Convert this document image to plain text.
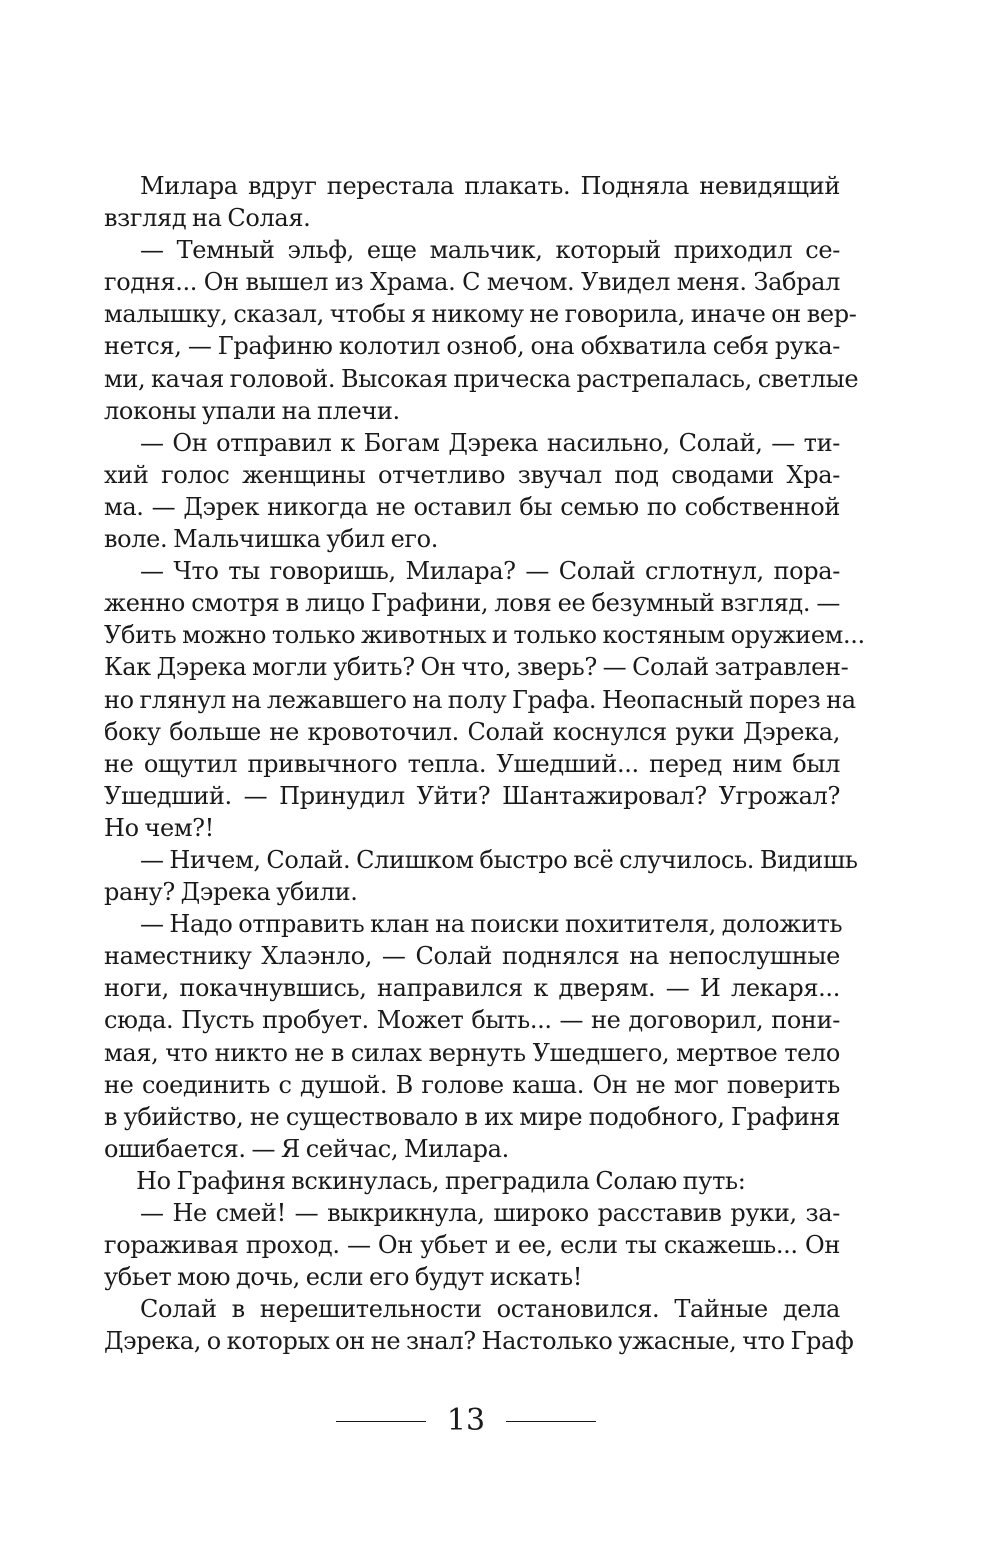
Милара вдруг перестала плакать. Подняла невидящий
взгляд на Солая.
— Темный эльф, еще мальчик, который приходил се-
годня... Он вышел из Храма. С мечом. Увидел меня. Забрал
малышку, сказал, чтобы я никому не говорила, иначе он вер-
нется, — Графиню колотил озноб, она обхватила себя рука-
ми, качая головой. Высокая прическа растрепалась, светлые
локоны упали на плечи.
— Он отправил к Богам Дэрека насильно, Солай, — ти-
хий голос женщины отчетливо звучал под сводами Хра-
ма. — Дэрек никогда не оставил бы семью по собственной
воле. Мальчишка убил его.
— Что ты говоришь, Милара? — Солай сглотнул, пора-
женно смотря в лицо Графини, ловя ее безумный взгляд. —
Убить можно только животных и только костяным оружием...
Как Дэрека могли убить? Он что, зверь? — Солай затравлен-
но глянул на лежавшего на полу Графа. Неопасный порез на
боку больше не кровоточил. Солай коснулся руки Дэрека,
не ощутил привычного тепла. Ушедший... перед ним был
Ушедший. — Принудил Уйти? Шантажировал? Угрожал?
Но чем?!
— Ничем, Солай. Слишком быстро всё случилось. Видишь
рану? Дэрека убили.
— Надо отправить клан на поиски похитителя, доложить
наместнику Хлаэнло, — Солай поднялся на непослушные
ноги, покачнувшись, направился к дверям. — И лекаря...
сюда. Пусть пробует. Может быть... — не договорил, пони-
мая, что никто не в силах вернуть Ушедшего, мертвое тело
не соединить с душой. В голове каша. Он не мог поверить
в убийство, не существовало в их мире подобного, Графиня
ошибается. — Я сейчас, Милара.
Но Графиня вскинулась, преградила Солаю путь:
— Не смей! — выкрикнула, широко расставив руки, за-
гораживая проход. — Он убьет и ее, если ты скажешь... Он
убьет мою дочь, если его будут искать!
Солай в нерешительности остановился. Тайные дела
Дэрека, о которых он не знал? Настолько ужасные, что Граф
13
